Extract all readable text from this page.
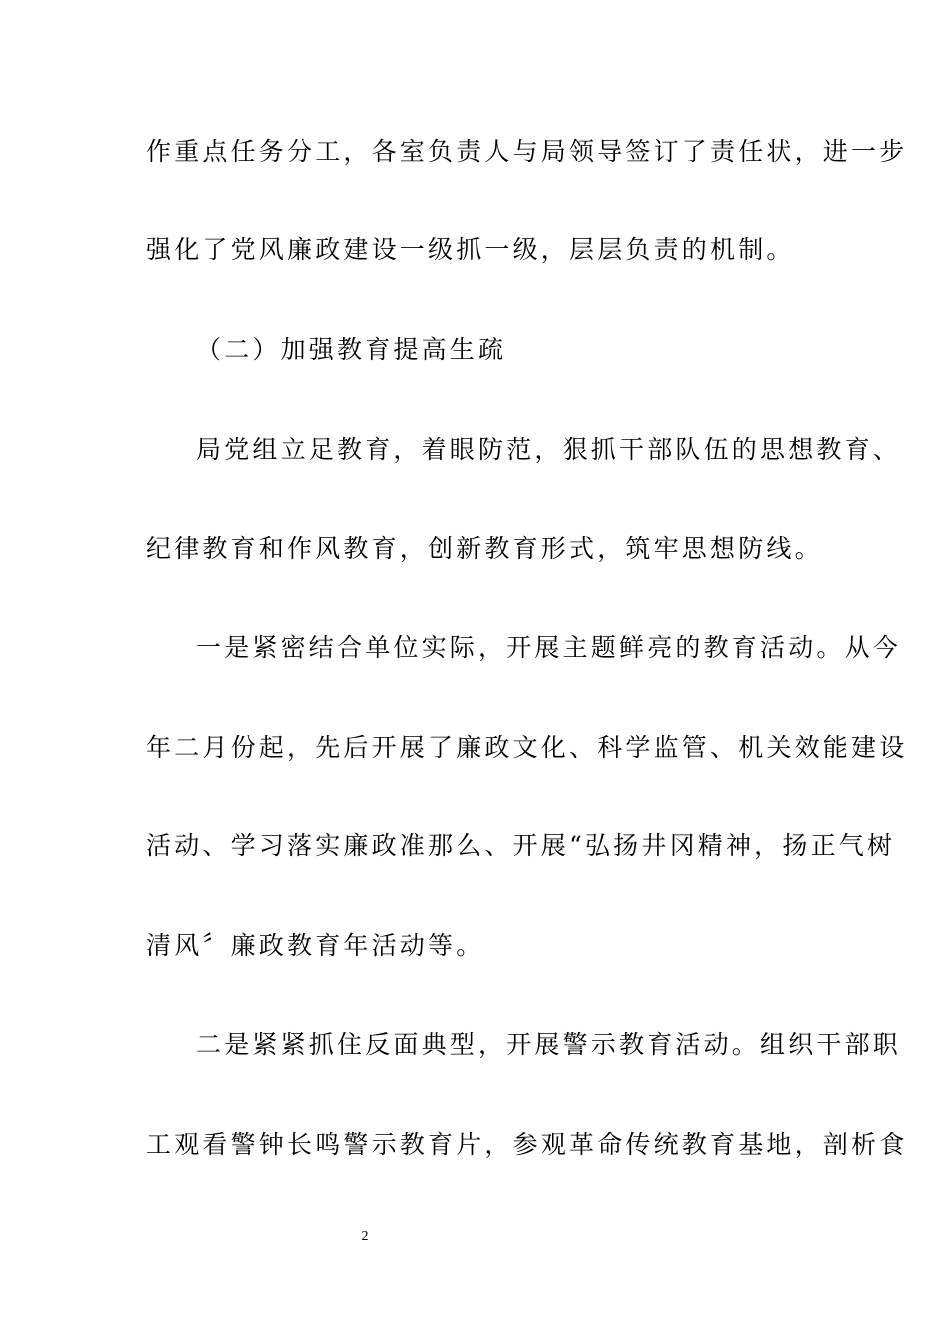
作重点任务分工，各室负责人与局领导签订了责任状，进一步
强化了党风廉政建设一级抓一级，层层负责的机制。
（二）加强教育提高生疏
局党组立足教育，着眼防范，狠抓干部队伍的思想教育、
纪律教育和作风教育，创新教育形式，筑牢思想防线。
一是紧密结合单位实际，开展主题鲜亮的教育活动。从今
年二月份起，先后开展了廉政文化、科学监管、机关效能建设
活动、学习落实廉政准那么、开展“弘扬井冈精神，扬正气树
清风〞廉政教育年活动等。
二是紧紧抓住反面典型，开展警示教育活动。组织干部职
工观看警钟长鸣警示教育片，参观革命传统教育基地，剖析食
2
